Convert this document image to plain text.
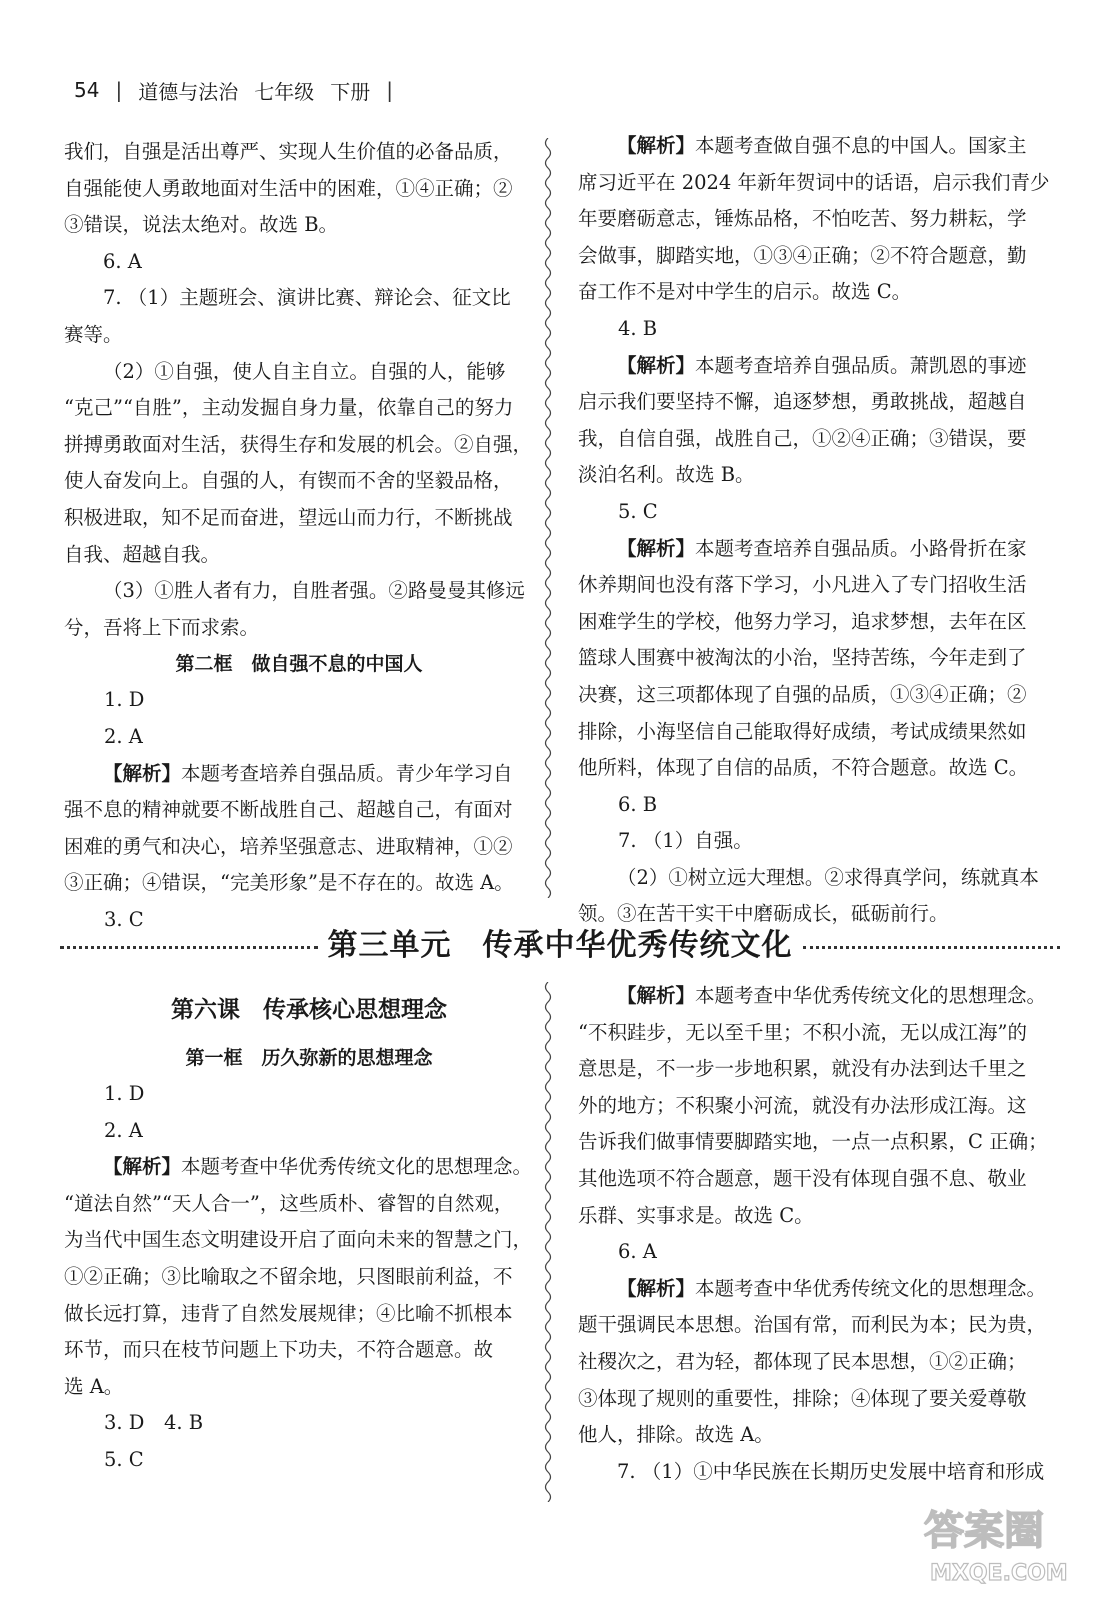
54 | 道德与法治 七年级 下册 |

我们，自强是活出尊严、实现人生价值的必备品质，

自强能使人勇敢地面对生活中的困难，①④正确；②

③错误，说法太绝对。故选 B。

6. A

7. （1）主题班会、演讲比赛、辩论会、征文比

赛等。

（2）①自强，使人自主自立。自强的人，能够

“克己”“自胜”，主动发掘自身力量，依靠自己的努力

拼搏勇敢面对生活，获得生存和发展的机会。②自强，

使人奋发向上。自强的人，有锲而不舍的坚毅品格，

积极进取，知不足而奋进，望远山而力行，不断挑战

自我、超越自我。

（3）①胜人者有力，自胜者强。②路曼曼其修远

兮，吾将上下而求索。

第二框　做自强不息的中国人

1. D

2. A

【解析】本题考查培养自强品质。青少年学习自

强不息的精神就要不断战胜自己、超越自己，有面对

困难的勇气和决心，培养坚强意志、进取精神，①②

③正确；④错误，“完美形象”是不存在的。故选 A。

3. C

【解析】本题考查做自强不息的中国人。国家主

席习近平在 2024 年新年贺词中的话语，启示我们青少

年要磨砺意志，锤炼品格，不怕吃苦、努力耕耘，学

会做事，脚踏实地，①③④正确；②不符合题意，勤

奋工作不是对中学生的启示。故选 C。

4. B

【解析】本题考查培养自强品质。萧凯恩的事迹

启示我们要坚持不懈，追逐梦想，勇敢挑战，超越自

我，自信自强，战胜自己，①②④正确；③错误，要

淡泊名利。故选 B。

5. C

【解析】本题考查培养自强品质。小路骨折在家

休养期间也没有落下学习，小凡进入了专门招收生活

困难学生的学校，他努力学习，追求梦想，去年在区

篮球人围赛中被淘汰的小治，坚持苦练，今年走到了

决赛，这三项都体现了自强的品质，①③④正确；②

排除，小海坚信自己能取得好成绩，考试成绩果然如

他所料，体现了自信的品质，不符合题意。故选 C。

6. B

7. （1）自强。

（2）①树立远大理想。②求得真学问，练就真本

领。③在苦干实干中磨砺成长，砥砺前行。

第三单元　传承中华优秀传统文化

第六课　传承核心思想理念

第一框　历久弥新的思想理念

1. D

2. A

【解析】本题考查中华优秀传统文化的思想理念。

“道法自然”“天人合一”，这些质朴、睿智的自然观，

为当代中国生态文明建设开启了面向未来的智慧之门，

①②正确；③比喻取之不留余地，只图眼前利益，不

做长远打算，违背了自然发展规律；④比喻不抓根本

环节，而只在枝节问题上下功夫，不符合题意。故

选 A。

3. D　4. B

5. C

【解析】本题考查中华优秀传统文化的思想理念。

“不积跬步，无以至千里；不积小流，无以成江海”的

意思是，不一步一步地积累，就没有办法到达千里之

外的地方；不积聚小河流，就没有办法形成江海。这

告诉我们做事情要脚踏实地，一点一点积累，C 正确；

其他选项不符合题意，题干没有体现自强不息、敬业

乐群、实事求是。故选 C。

6. A

【解析】本题考查中华优秀传统文化的思想理念。

题干强调民本思想。治国有常，而利民为本；民为贵，

社稷次之，君为轻，都体现了民本思想，①②正确；

③体现了规则的重要性，排除；④体现了要关爱尊敬

他人，排除。故选 A。

7. （1）①中华民族在长期历史发展中培育和形成

答案圈
MXQE.COM
